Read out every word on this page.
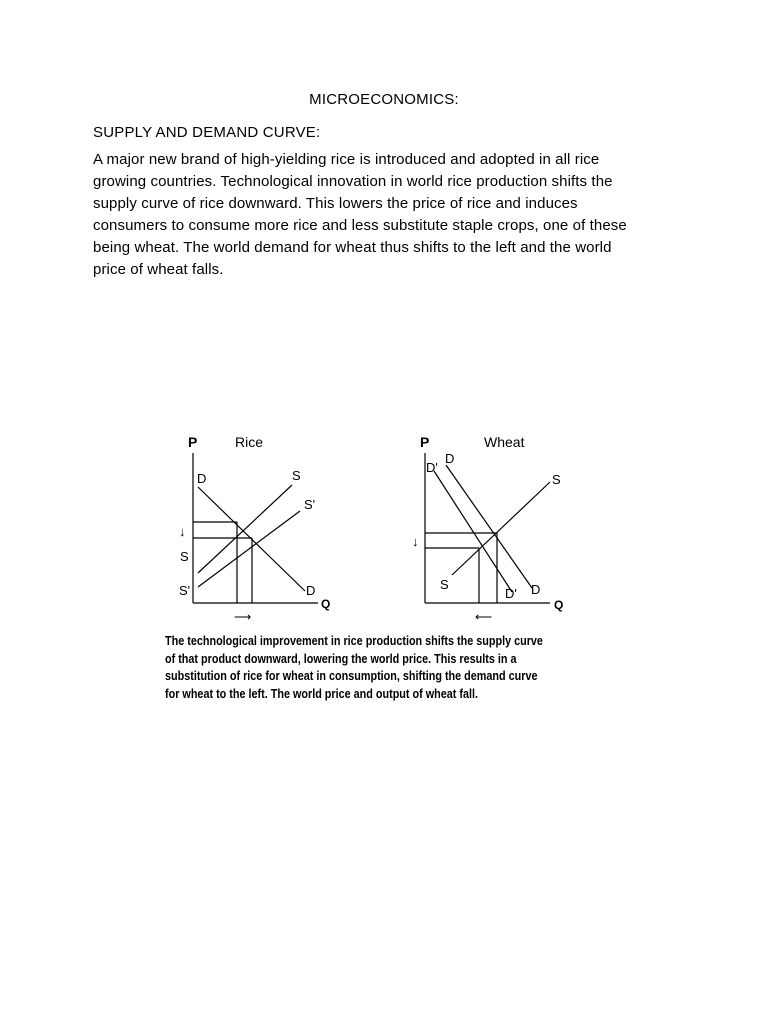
MICROECONOMICS:
SUPPLY AND DEMAND CURVE:
A major new brand of high-yielding rice is introduced and adopted in all rice
growing countries. Technological innovation in world rice production shifts the
supply curve of rice downward. This lowers the price of rice and induces
consumers to consume more rice and less substitute staple crops, one of these
being wheat. The world demand for wheat thus shifts to the left and the world
price of wheat falls.
P	Rice
D	S
S'
D
Q
↓
S
S'
⟶
P	Wheat
D'
D
S
S
D' D
Q
↓
⟵
The technological improvement in rice production shifts the supply curve
of that product downward, lowering the world price. This results in a
substitution of rice for wheat in consumption, shifting the demand curve
for wheat to the left. The world price and output of wheat fall.
